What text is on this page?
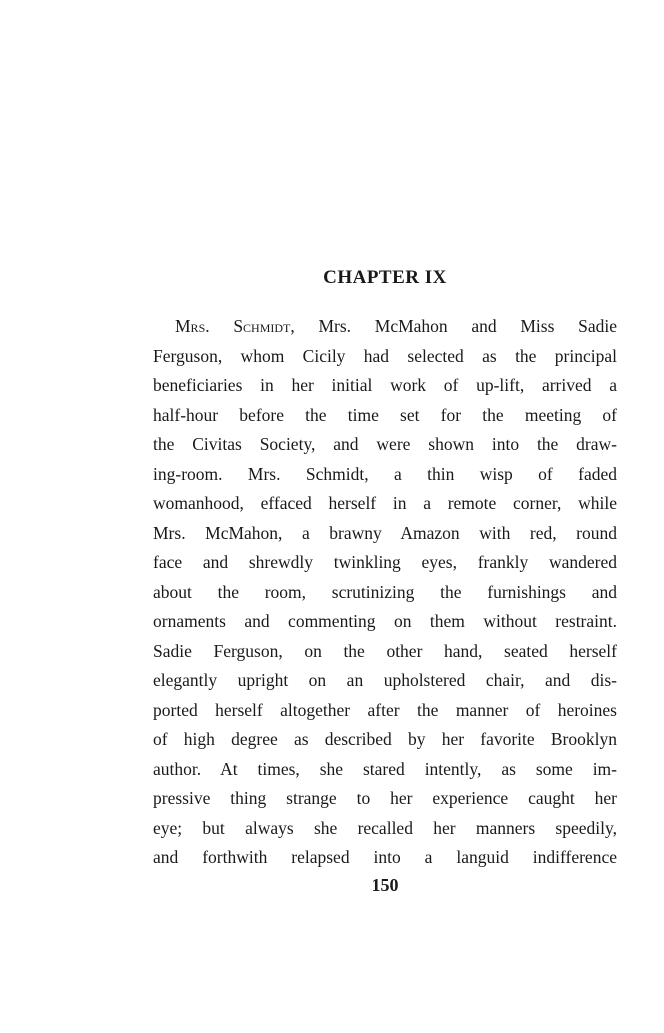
CHAPTER IX
Mrs. Schmidt, Mrs. McMahon and Miss Sadie
Ferguson, whom Cicily had selected as the principal
beneficiaries in her initial work of up-lift, arrived a
half-hour before the time set for the meeting of
the Civitas Society, and were shown into the draw-
ing-room. Mrs. Schmidt, a thin wisp of faded
womanhood, effaced herself in a remote corner, while
Mrs. McMahon, a brawny Amazon with red, round
face and shrewdly twinkling eyes, frankly wandered
about the room, scrutinizing the furnishings and
ornaments and commenting on them without restraint.
Sadie Ferguson, on the other hand, seated herself
elegantly upright on an upholstered chair, and dis-
ported herself altogether after the manner of heroines
of high degree as described by her favorite Brooklyn
author. At times, she stared intently, as some im-
pressive thing strange to her experience caught her
eye; but always she recalled her manners speedily,
and forthwith relapsed into a languid indifference
150
